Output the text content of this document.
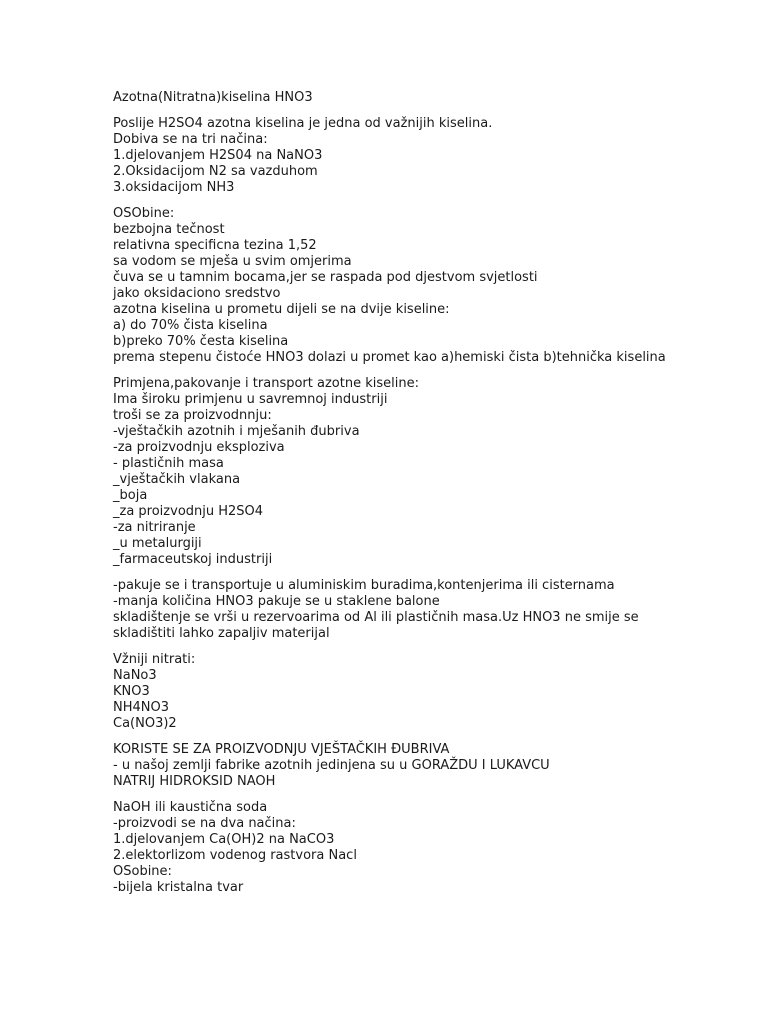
Azotna(Nitratna)kiselina HNO3
Poslije H2SO4 azotna kiselina je jedna od važnijih kiselina.
Dobiva se na tri načina:
1.djelovanjem H2S04 na NaNO3
2.Oksidacijom N2 sa vazduhom
3.oksidacijom NH3
OSObine:
bezbojna tečnost
relativna specificna tezina 1,52
sa vodom se mješa u svim omjerima
čuva se u tamnim bocama,jer se raspada pod djestvom svjetlosti
jako oksidaciono sredstvo
azotna kiselina u prometu dijeli se na dvije kiseline:
a) do 70% čista kiselina
b)preko 70% česta kiselina
prema stepenu čistoće HNO3 dolazi u promet kao a)hemiski čista b)tehnička kiselina
Primjena,pakovanje i transport azotne kiseline:
Ima široku primjenu u savremnoj industriji
troši se za proizvodnnju:
-vještačkih azotnih i mješanih đubriva
-za proizvodnju eksploziva
- plastičnih masa
_vještačkih vlakana
_boja
_za proizvodnju H2SO4
-za nitriranje
_u metalurgiji
_farmaceutskoj industriji
-pakuje se i transportuje u aluminiskim buradima,kontenjerima ili cisternama
-manja količina HNO3 pakuje se u staklene balone
skladištenje se vrši u rezervoarima od Al ili plastičnih masa.Uz HNO3 ne smije se
skladištiti lahko zapaljiv materijal
Vžniji nitrati:
NaNo3
KNO3
NH4NO3
Ca(NO3)2
KORISTE SE ZA PROIZVODNJU VJEŠTAČKIH ĐUBRIVA
- u našoj zemlji fabrike azotnih jedinjena su u GORAŽDU I LUKAVCU
NATRIJ HIDROKSID NAOH
NaOH ili kaustična soda
-proizvodi se na dva načina:
1.djelovanjem Ca(OH)2 na NaCO3
2.elektorlizom vodenog rastvora Nacl
OSobine:
-bijela kristalna tvar
